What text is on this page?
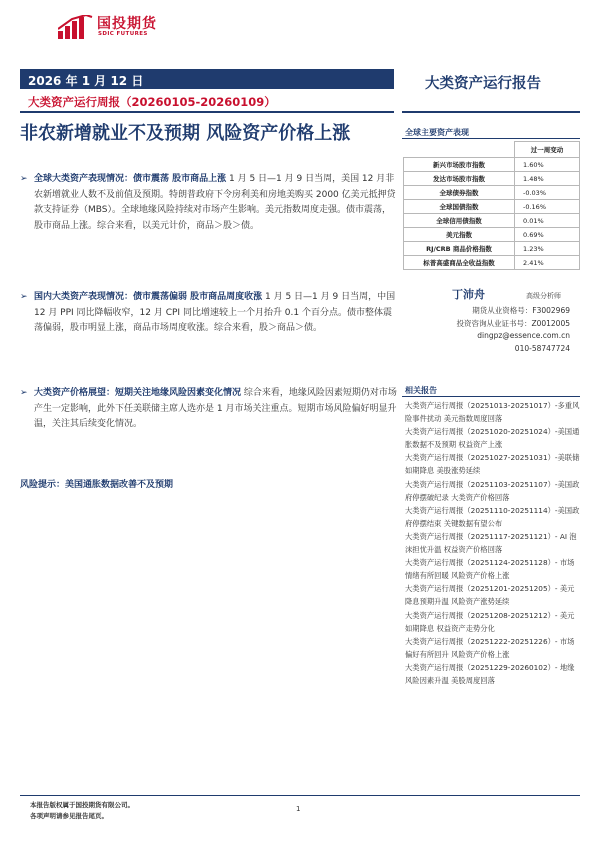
国投期货
SDIC FUTURES
2026 年 1 月 12 日
大类资产运行周报（20260105-20260109）
大类资产运行报告
非农新增就业不及预期 风险资产价格上涨
➢ 全球大类资产表现情况：债市震荡 股市商品上涨 1 月 5 日—1 月 9 日当周，美国 12 月非农新增就业人数不及前值及预期。特朗普政府下令房利美和房地美购买 2000 亿美元抵押贷款支持证券（MBS）。全球地缘风险持续对市场产生影响。美元指数周度走强。债市震荡，股市商品上涨。综合来看，以美元计价，商品＞股＞债。
➢ 国内大类资产表现情况：债市震荡偏弱 股市商品周度收涨 1 月 5 日—1 月 9 日当周，中国 12 月 PPI 同比降幅收窄，12 月 CPI 同比增速较上一个月抬升 0.1 个百分点。债市整体震荡偏弱，股市明显上涨，商品市场周度收涨。综合来看，股＞商品＞债。
➢ 大类资产价格展望：短期关注地缘风险因素变化情况 综合来看，地缘风险因素短期仍对市场产生一定影响，此外下任美联储主席人选亦是 1 月市场关注重点。短期市场风险偏好明显升温，关注其后续变化情况。
风险提示：美国通胀数据改善不及预期
全球主要资产表现
	过一周变动
新兴市场股市指数	1.60%
发达市场股市指数	1.48%
全球债券指数	-0.03%
全球国债指数	-0.16%
全球信用债指数	0.01%
美元指数	0.69%
RJ/CRB 商品价格指数	1.23%
标普高盛商品全收益指数	2.41%
丁沛舟	高级分析师
期货从业资格号：F3002969
投资咨询从业证书号：Z0012005
dingpz@essence.com.cn
010-58747724
相关报告
大类资产运行周报（20251013-20251017）-多重风险事件扰动 美元指数周度回落
大类资产运行周报（20251020-20251024）-美国通胀数据不及预期 权益资产上涨
大类资产运行周报（20251027-20251031）-美联储如期降息 美股涨势延续
大类资产运行周报（20251103-20251107）-美国政府停摆破纪录 大类资产价格回落
大类资产运行周报（20251110-20251114）-美国政府停摆结束 关键数据有望公布
大类资产运行周报（20251117-20251121）- AI 泡沫担忧升温 权益资产价格回落
大类资产运行周报（20251124-20251128）- 市场情绪有所回暖 风险资产价格上涨
大类资产运行周报（20251201-20251205）- 美元降息预期升温 风险资产涨势延续
大类资产运行周报（20251208-20251212）- 美元如期降息 权益资产走势分化
大类资产运行周报（20251222-20251226）- 市场偏好有所回升 风险资产价格上涨
大类资产运行周报（20251229-20260102）- 地缘风险因素升温 美股周度回落
本报告版权属于国投期货有限公司。
各项声明请参见报告尾页。
1
